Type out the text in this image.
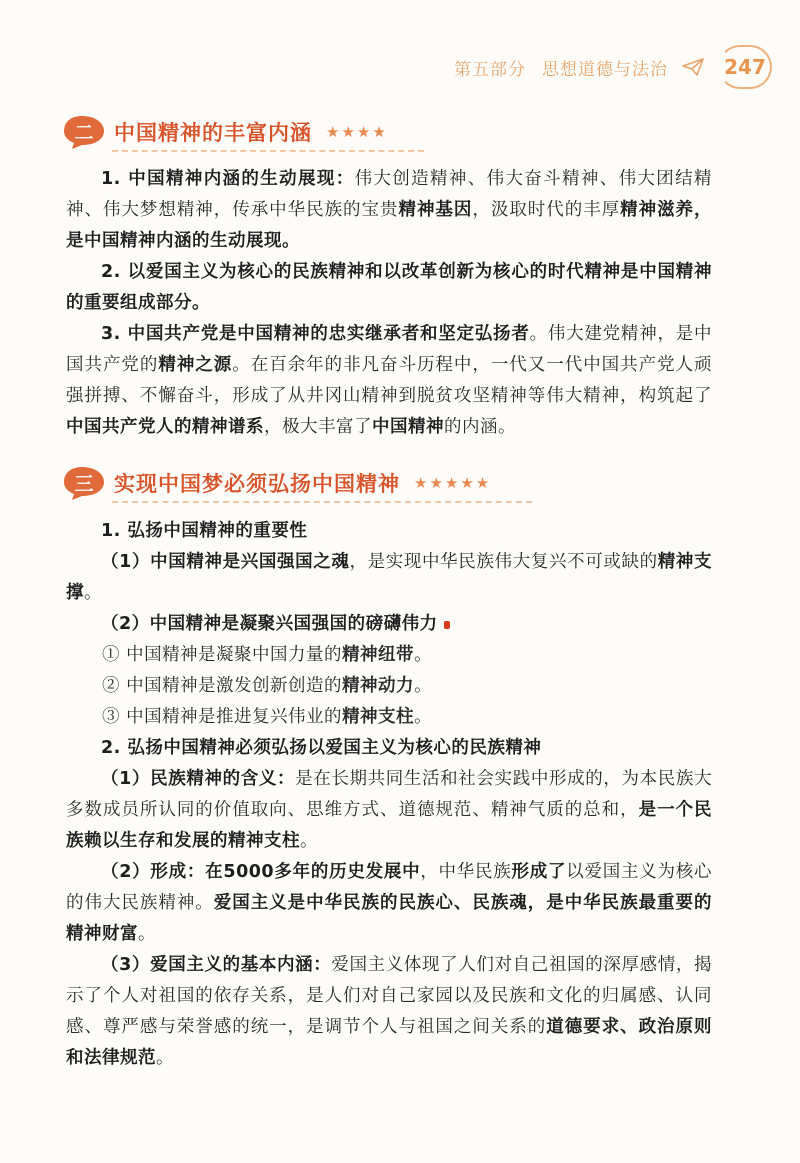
第五部分 思想道德与法治	247
二 中国精神的丰富内涵 ★★★★
1. 中国精神内涵的生动展现：伟大创造精神、伟大奋斗精神、伟大团结精神、伟大梦想精神，传承中华民族的宝贵精神基因，汲取时代的丰厚精神滋养，是中国精神内涵的生动展现。
2. 以爱国主义为核心的民族精神和以改革创新为核心的时代精神是中国精神的重要组成部分。
3. 中国共产党是中国精神的忠实继承者和坚定弘扬者。伟大建党精神，是中国共产党的精神之源。在百余年的非凡奋斗历程中，一代又一代中国共产党人顽强拼搏、不懈奋斗，形成了从井冈山精神到脱贫攻坚精神等伟大精神，构筑起了中国共产党人的精神谱系，极大丰富了中国精神的内涵。
三 实现中国梦必须弘扬中国精神 ★★★★★
1. 弘扬中国精神的重要性
（1）中国精神是兴国强国之魂，是实现中华民族伟大复兴不可或缺的精神支撑。
（2）中国精神是凝聚兴国强国的磅礴伟力
① 中国精神是凝聚中国力量的精神纽带。
② 中国精神是激发创新创造的精神动力。
③ 中国精神是推进复兴伟业的精神支柱。
2. 弘扬中国精神必须弘扬以爱国主义为核心的民族精神
（1）民族精神的含义：是在长期共同生活和社会实践中形成的，为本民族大多数成员所认同的价值取向、思维方式、道德规范、精神气质的总和，是一个民族赖以生存和发展的精神支柱。
（2）形成：在5000多年的历史发展中，中华民族形成了以爱国主义为核心的伟大民族精神。爱国主义是中华民族的民族心、民族魂，是中华民族最重要的精神财富。
（3）爱国主义的基本内涵：爱国主义体现了人们对自己祖国的深厚感情，揭示了个人对祖国的依存关系，是人们对自己家园以及民族和文化的归属感、认同感、尊严感与荣誉感的统一，是调节个人与祖国之间关系的道德要求、政治原则和法律规范。
